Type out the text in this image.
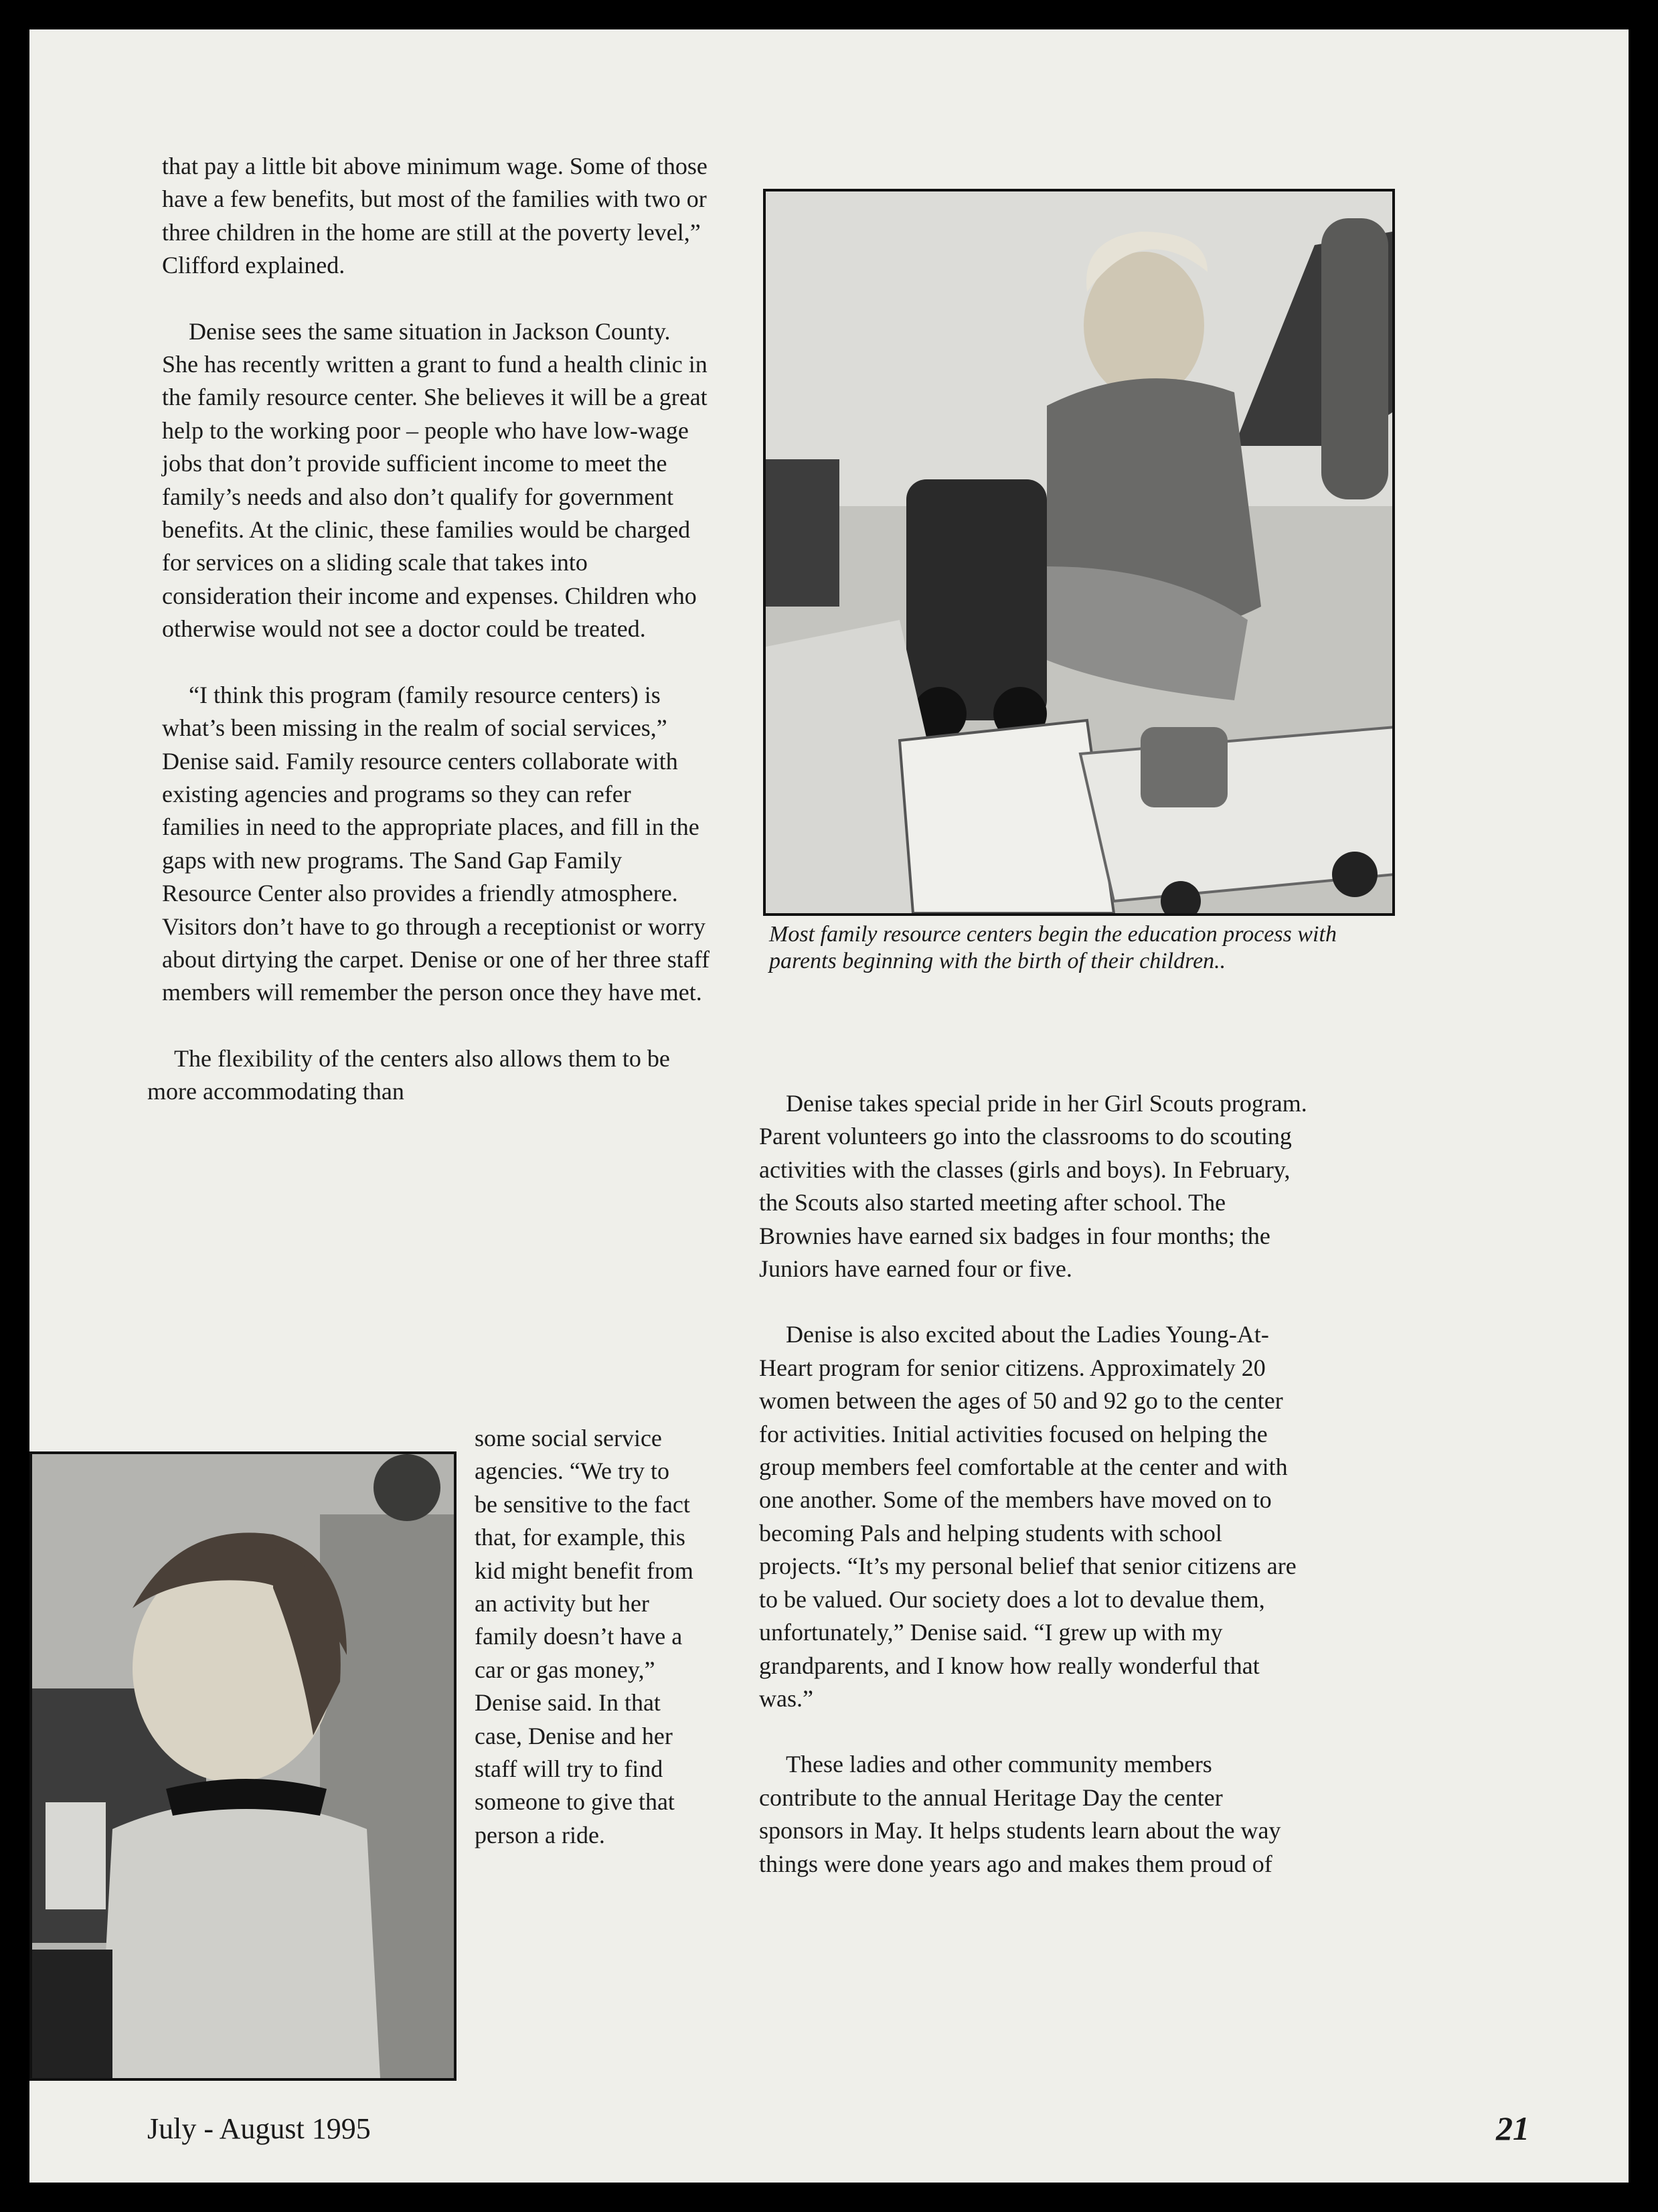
that pay a little bit above minimum wage. Some of those have a few benefits, but most of the families with two or three children in the home are still at the poverty level,” Clifford explained.

Denise sees the same situation in Jackson County. She has recently written a grant to fund a health clinic in the family resource center. She believes it will be a great help to the working poor – people who have low-wage jobs that don’t provide sufficient income to meet the family’s needs and also don’t qualify for government benefits. At the clinic, these families would be charged for services on a sliding scale that takes into consideration their income and expenses. Children who otherwise would not see a doctor could be treated.

“I think this program (family resource centers) is what’s been missing in the realm of social services,” Denise said. Family resource centers collaborate with existing agencies and programs so they can refer families in need to the appropriate places, and fill in the gaps with new programs. The Sand Gap Family Resource Center also provides a friendly atmosphere. Visitors don’t have to go through a receptionist or worry about dirtying the carpet. Denise or one of her three staff members will remember the person once they have met.

The flexibility of the centers also allows them to be more accommodating than

Most family resource centers begin the education process with parents beginning with the birth of their children..

Denise takes special pride in her Girl Scouts program. Parent volunteers go into the classrooms to do scouting activities with the classes (girls and boys). In February, the Scouts also started meeting after school. The Brownies have earned six badges in four months; the Juniors have earned four or five.

Denise is also excited about the Ladies Young-At-Heart program for senior citizens. Approximately 20 women between the ages of 50 and 92 go to the center for activities. Initial activities focused on helping the group members feel comfortable at the center and with one another. Some of the members have moved on to becoming Pals and helping students with school projects. “It’s my personal belief that senior citizens are to be valued. Our society does a lot to devalue them, unfortunately,” Denise said. “I grew up with my grandparents, and I know how really wonderful that was.”

These ladies and other community members contribute to the annual Heritage Day the center sponsors in May. It helps students learn about the way things were done years ago and makes them proud of

some social service agencies. “We try to be sensitive to the fact that, for example, this kid might benefit from an activity but her family doesn’t have a car or gas money,” Denise said. In that case, Denise and her staff will try to find someone to give that person a ride.
July - August 1995	21
